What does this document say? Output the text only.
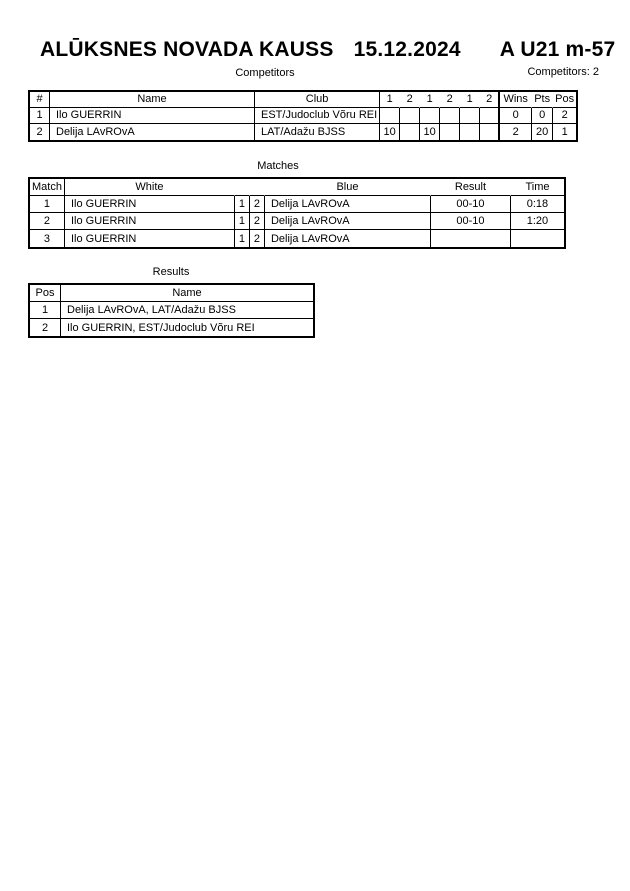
ALŪKSNES NOVADA KAUSS 15.12.2024 A U21 m-57
Competitors: 2
Competitors
#	Name	Club	1	2	1	2	1	2	Wins	Pts	Pos
1	Ilo GUERRIN	EST/Judoclub Võru REI							0	0	2
2	Delija LAvROvA	LAT/Adažu BJSS	10		10				2	20	1
Matches
Match	White			Blue	Result	Time
1	Ilo GUERRIN	1	2	Delija LAvROvA	00-10	0:18
2	Ilo GUERRIN	1	2	Delija LAvROvA	00-10	1:20
3	Ilo GUERRIN	1	2	Delija LAvROvA		
Results
Pos	Name
1	Delija LAvROvA, LAT/Adažu BJSS
2	Ilo GUERRIN, EST/Judoclub Võru REI
